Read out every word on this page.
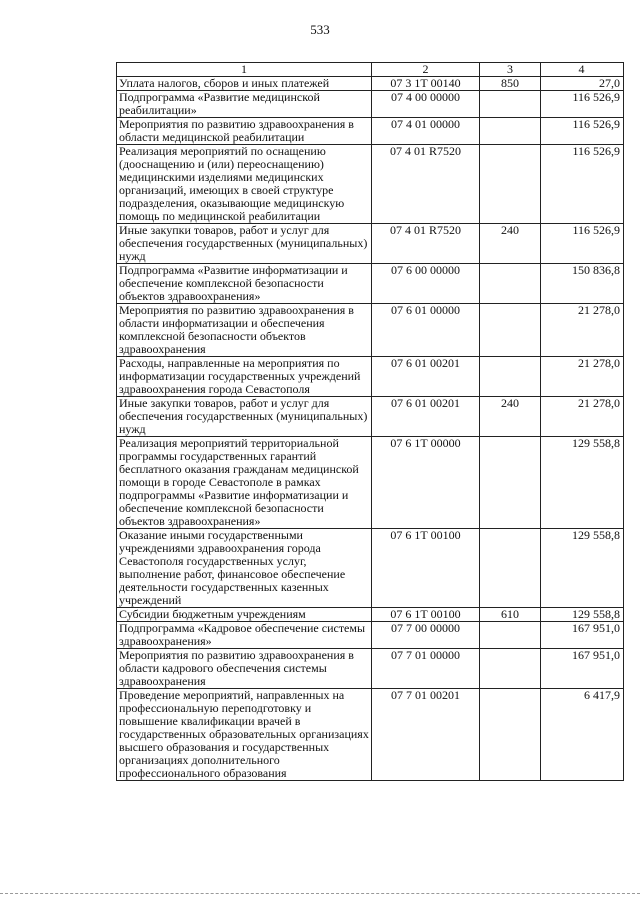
533
1	2	3	4
Уплата налогов, сборов и иных платежей	07 3 1Т 00140	850	27,0
Подпрограмма «Развитие медицинской реабилитации»	07 4 00 00000		116 526,9
Мероприятия по развитию здравоохранения в области медицинской реабилитации	07 4 01 00000		116 526,9
Реализация мероприятий по оснащению (дооснащению и (или) переоснащению) медицинскими изделиями медицинских организаций, имеющих в своей структуре подразделения, оказывающие медицинскую помощь по медицинской реабилитации	07 4 01 R7520		116 526,9
Иные закупки товаров, работ и услуг для обеспечения государственных (муниципальных) нужд	07 4 01 R7520	240	116 526,9
Подпрограмма «Развитие информатизации и обеспечение комплексной безопасности объектов здравоохранения»	07 6 00 00000		150 836,8
Мероприятия по развитию здравоохранения в области информатизации и обеспечения комплексной безопасности объектов здравоохранения	07 6 01 00000		21 278,0
Расходы, направленные на мероприятия по информатизации государственных учреждений здравоохранения города Севастополя	07 6 01 00201		21 278,0
Иные закупки товаров, работ и услуг для обеспечения государственных (муниципальных) нужд	07 6 01 00201	240	21 278,0
Реализация мероприятий территориальной программы государственных гарантий бесплатного оказания гражданам медицинской помощи в городе Севастополе в рамках подпрограммы «Развитие информатизации и обеспечение комплексной безопасности объектов здравоохранения»	07 6 1Т 00000		129 558,8
Оказание иными государственными учреждениями здравоохранения города Севастополя государственных услуг, выполнение работ, финансовое обеспечение деятельности государственных казенных учреждений	07 6 1Т 00100		129 558,8
Субсидии бюджетным учреждениям	07 6 1Т 00100	610	129 558,8
Подпрограмма «Кадровое обеспечение системы здравоохранения»	07 7 00 00000		167 951,0
Мероприятия по развитию здравоохранения в области кадрового обеспечения системы здравоохранения	07 7 01 00000		167 951,0
Проведение мероприятий, направленных на профессиональную переподготовку и повышение квалификации врачей в государственных образовательных организациях высшего образования и государственных организациях дополнительного профессионального образования	07 7 01 00201		6 417,9
